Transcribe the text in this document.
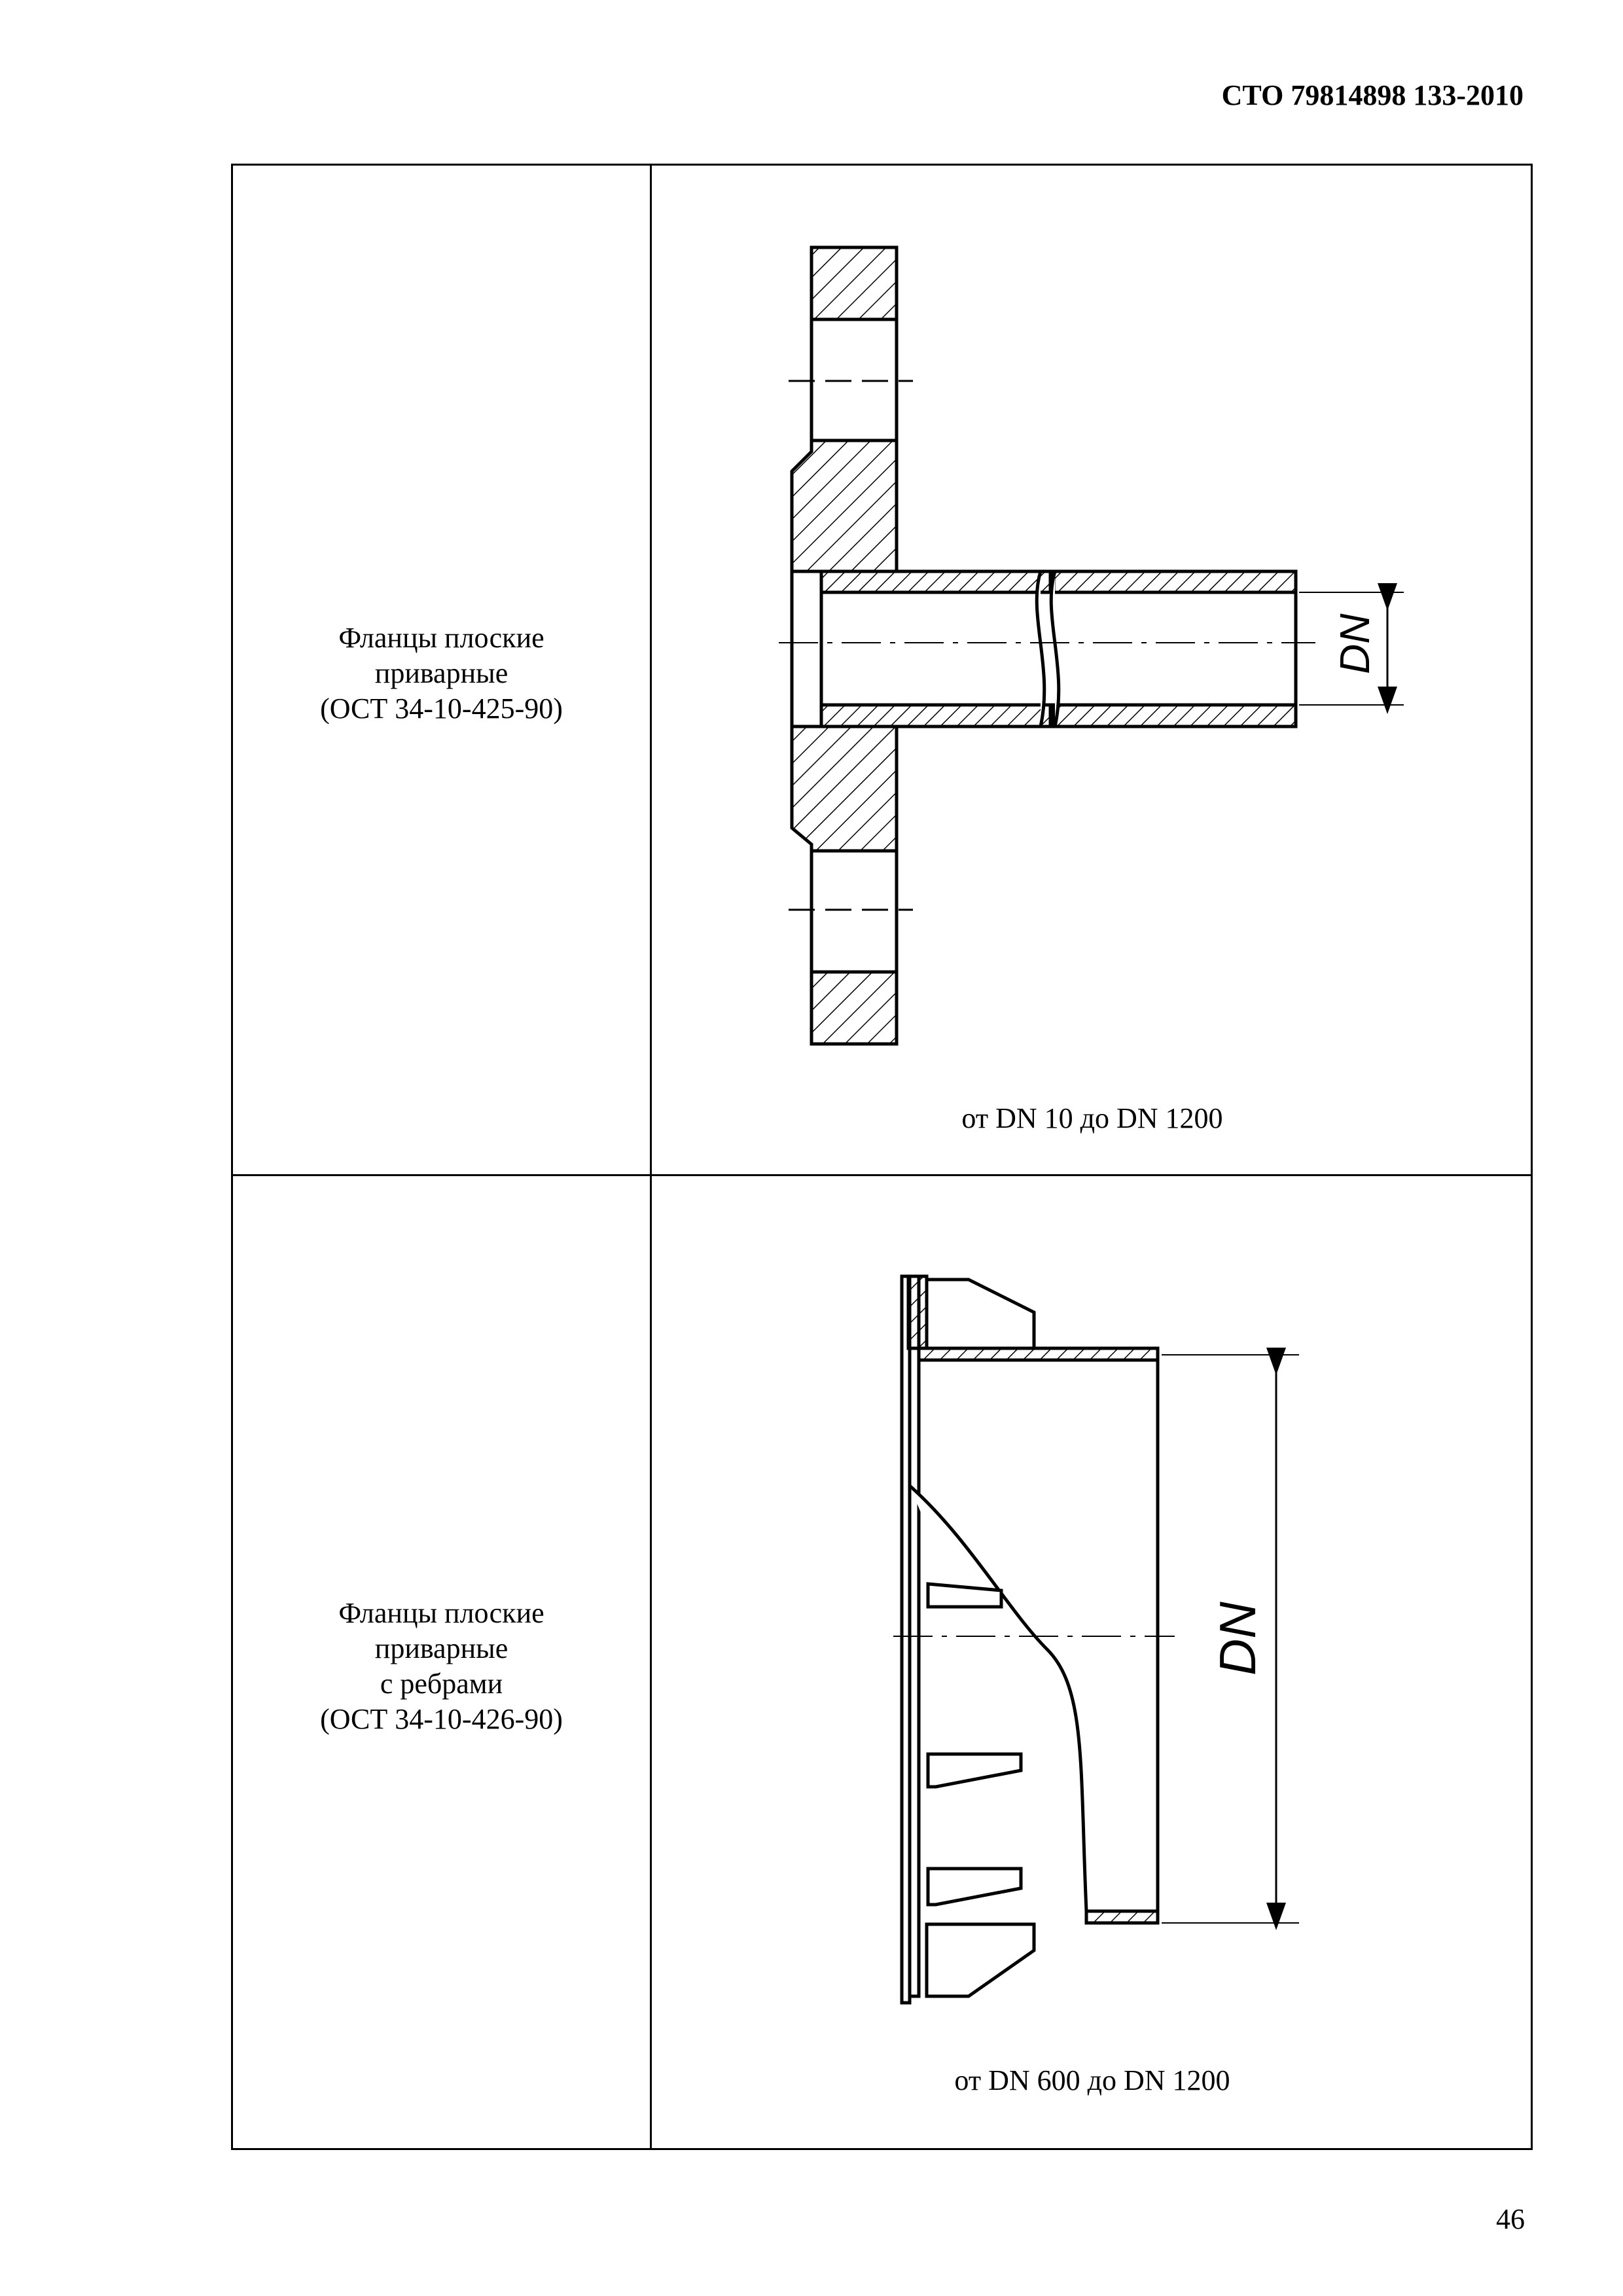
СТО 79814898 133-2010
Фланцы плоские
приварные
(ОСТ 34-10-425-90)
Фланцы плоские
приварные
с ребрами
(ОСТ 34-10-426-90)
от DN 10 до DN 1200
от DN 600 до DN 1200
DN
DN
46
